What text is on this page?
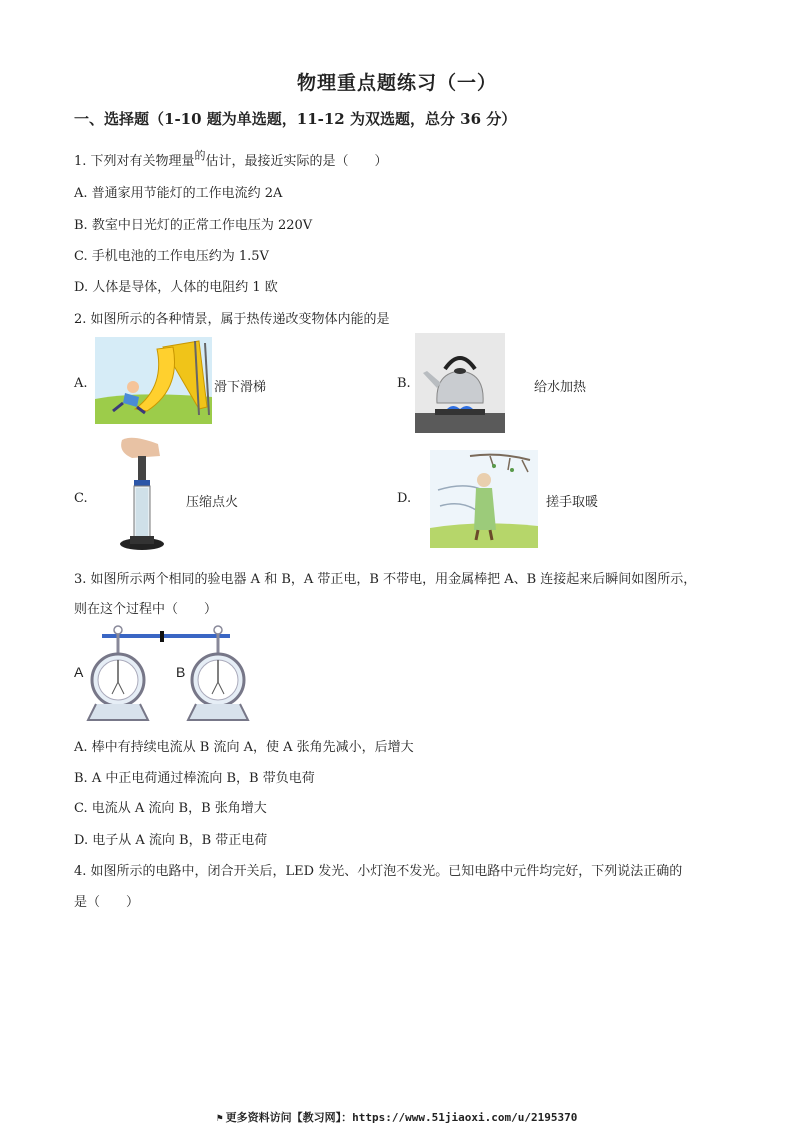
物理重点题练习（一）
一、选择题（1-10 题为单选题，11-12 为双选题，总分 36 分）
1. 下列对有关物理量$^的$估计，最接近实际的是（　　）
A. 普通家用节能灯的工作电流约 2A
B. 教室中日光灯的正常工作电压为 220V
C. 手机电池的工作电压约为 1.5V
D. 人体是导体，人体的电阻约 1 欧
2. 如图所示的各种情景，属于热传递改变物体内能的是
A.	滑下滑梯	B.	给水加热
C.	压缩点火	D.	搓手取暖
3. 如图所示两个相同的验电器 A 和 B，A 带正电，B 不带电，用金属棒把 A、B 连接起来后瞬间如图所示，
则在这个过程中（　　）
A	B
A. 棒中有持续电流从 B 流向 A，使 A 张角先减小，后增大
B. A 中正电荷通过棒流向 B，B 带负电荷
C. 电流从 A 流向 B，B 张角增大
D. 电子从 A 流向 B，B 带正电荷
4. 如图所示的电路中，闭合开关后，LED 发光、小灯泡不发光。已知电路中元件均完好，下列说法正确的
是（　　）
⚑ 更多资料访问【教习网】：https://www.51jiaoxi.com/u/2195370
